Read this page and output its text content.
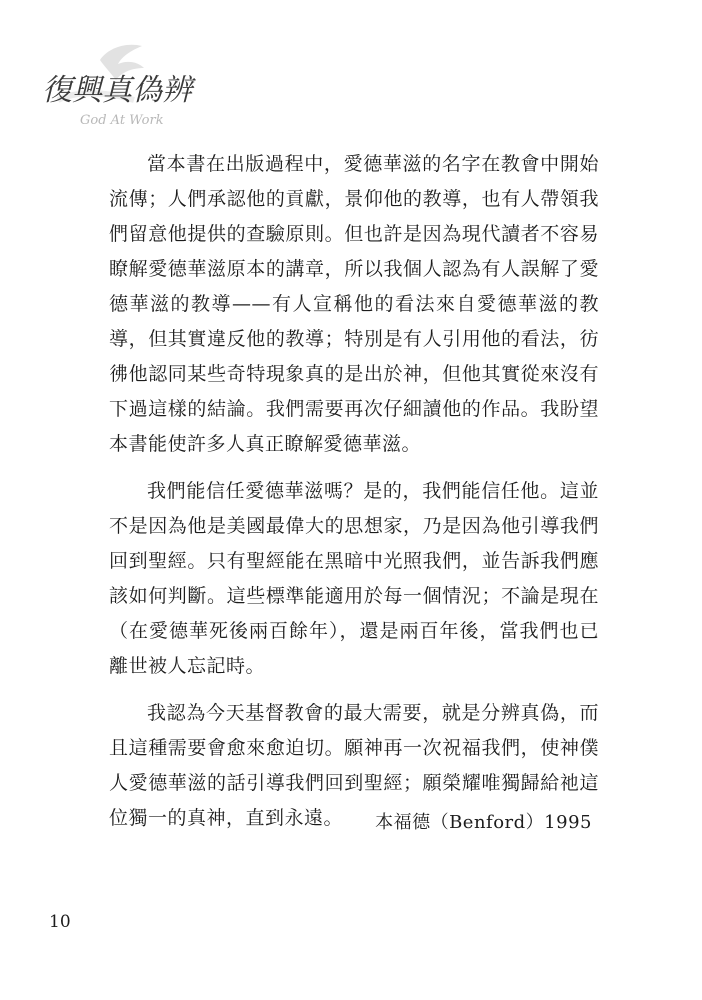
復興真偽辨
God At Work

當本書在出版過程中，愛德華滋的名字在教會中開始流傳；人們承認他的貢獻，景仰他的教導，也有人帶領我們留意他提供的查驗原則。但也許是因為現代讀者不容易瞭解愛德華滋原本的講章，所以我個人認為有人誤解了愛德華滋的教導——有人宣稱他的看法來自愛德華滋的教導，但其實違反他的教導；特別是有人引用他的看法，彷彿他認同某些奇特現象真的是出於神，但他其實從來沒有下過這樣的結論。我們需要再次仔細讀他的作品。我盼望本書能使許多人真正瞭解愛德華滋。

我們能信任愛德華滋嗎？是的，我們能信任他。這並不是因為他是美國最偉大的思想家，乃是因為他引導我們回到聖經。只有聖經能在黑暗中光照我們，並告訴我們應該如何判斷。這些標準能適用於每一個情況；不論是現在（在愛德華死後兩百餘年），還是兩百年後，當我們也已離世被人忘記時。

我認為今天基督教會的最大需要，就是分辨真偽，而且這種需要會愈來愈迫切。願神再一次祝福我們，使神僕人愛德華滋的話引導我們回到聖經；願榮耀唯獨歸給祂這位獨一的真神，直到永遠。	本福德（Benford）1995
10
